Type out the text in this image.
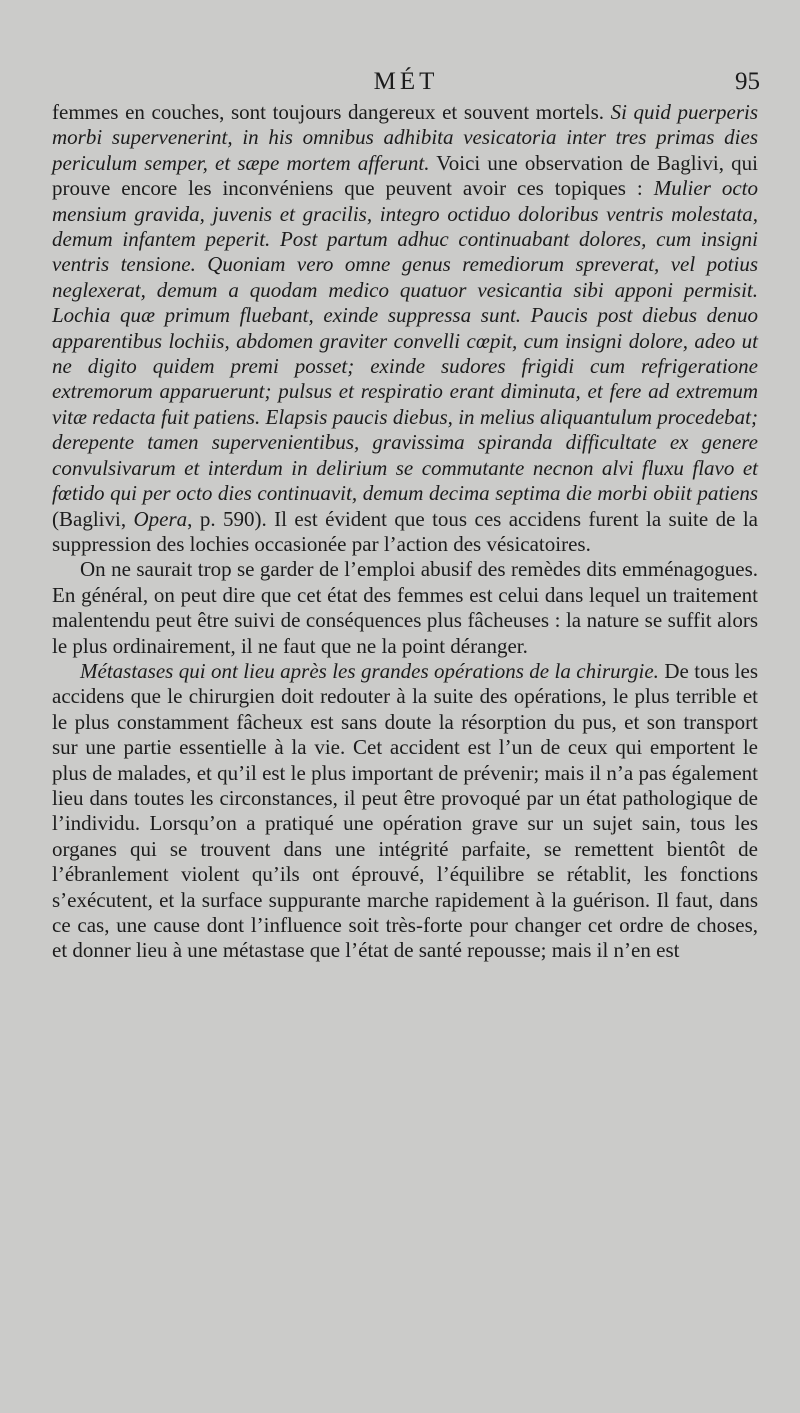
MÉT	95

femmes en couches, sont toujours dangereux et souvent mortels. Si quid puerperis morbi supervenerint, in his omnibus adhibita vesicatoria inter tres primas dies periculum semper, et sæpe mortem afferunt. Voici une observation de Baglivi, qui prouve encore les inconvéniens que peuvent avoir ces topiques : Mulier octo mensium gravida, juvenis et gracilis, integro octiduo doloribus ventris molestata, demum infantem peperit. Post partum adhuc continuabant dolores, cum insigni ventris tensione. Quoniam vero omne genus remediorum spreverat, vel potius neglexerat, demum a quodam medico quatuor vesicantia sibi apponi permisit. Lochia quæ primum fluebant, exinde suppressa sunt. Paucis post diebus denuo apparentibus lochiis, abdomen graviter convelli cœpit, cum insigni dolore, adeo ut ne digito quidem premi posset; exinde sudores frigidi cum refrigeratione extremorum apparuerunt; pulsus et respiratio erant diminuta, et fere ad extremum vitæ redacta fuit patiens. Elapsis paucis diebus, in melius aliquantulum procedebat; derepente tamen supervenientibus, gravissima spiranda difficultate ex genere convulsivarum et interdum in delirium se commutante necnon alvi fluxu flavo et fœtido qui per octo dies continuavit, demum decima septima die morbi obiit patiens (Baglivi, Opera, p. 590). Il est évident que tous ces accidens furent la suite de la suppression des lochies occasionée par l’action des vésicatoires.

On ne saurait trop se garder de l’emploi abusif des remèdes dits emménagogues. En général, on peut dire que cet état des femmes est celui dans lequel un traitement malentendu peut être suivi de conséquences plus fâcheuses : la nature se suffit alors le plus ordinairement, il ne faut que ne la point déranger.

Métastases qui ont lieu après les grandes opérations de la chirurgie. De tous les accidens que le chirurgien doit redouter à la suite des opérations, le plus terrible et le plus constamment fâcheux est sans doute la résorption du pus, et son transport sur une partie essentielle à la vie. Cet accident est l’un de ceux qui emportent le plus de malades, et qu’il est le plus important de prévenir; mais il n’a pas également lieu dans toutes les circonstances, il peut être provoqué par un état pathologique de l’individu. Lorsqu’on a pratiqué une opération grave sur un sujet sain, tous les organes qui se trouvent dans une intégrité parfaite, se remettent bientôt de l’ébranlement violent qu’ils ont éprouvé, l’équilibre se rétablit, les fonctions s’exécutent, et la surface suppurante marche rapidement à la guérison. Il faut, dans ce cas, une cause dont l’influence soit très-forte pour changer cet ordre de choses, et donner lieu à une métastase que l’état de santé repousse; mais il n’en est
